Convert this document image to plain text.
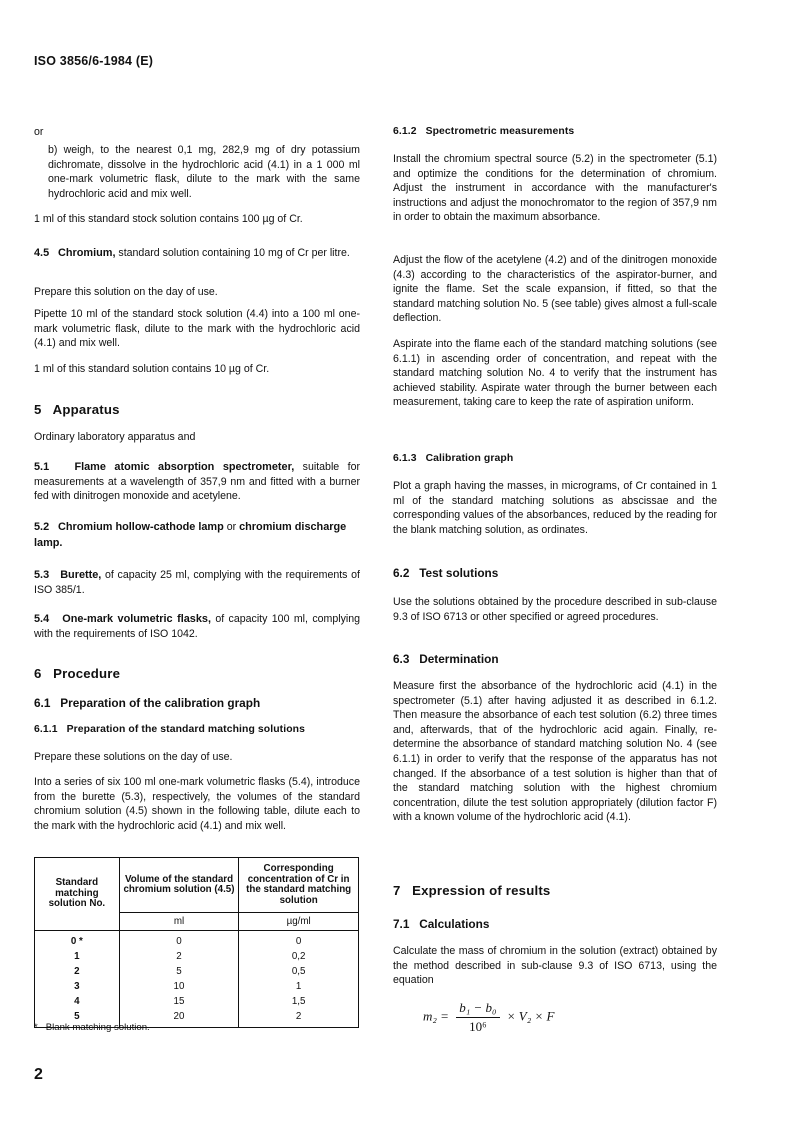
ISO 3856/6-1984 (E)

or

b) weigh, to the nearest 0,1 mg, 282,9 mg of dry potassium dichromate, dissolve in the hydrochloric acid (4.1) in a 1 000 ml one-mark volumetric flask, dilute to the mark with the same hydrochloric acid and mix well.

1 ml of this standard stock solution contains 100 µg of Cr.

4.5 Chromium, standard solution containing 10 mg of Cr per litre.

Prepare this solution on the day of use.

Pipette 10 ml of the standard stock solution (4.4) into a 100 ml one-mark volumetric flask, dilute to the mark with the hydrochloric acid (4.1) and mix well.

1 ml of this standard solution contains 10 µg of Cr.

5   Apparatus

Ordinary laboratory apparatus and

5.1 Flame atomic absorption spectrometer, suitable for measurements at a wavelength of 357,9 nm and fitted with a burner fed with dinitrogen monoxide and acetylene.

5.2 Chromium hollow-cathode lamp or chromium discharge lamp.

5.3 Burette, of capacity 25 ml, complying with the requirements of ISO 385/1.

5.4 One-mark volumetric flasks, of capacity 100 ml, complying with the requirements of ISO 1042.

6   Procedure
6.1   Preparation of the calibration graph
6.1.1   Preparation of the standard matching solutions

Prepare these solutions on the day of use.

Into a series of six 100 ml one-mark volumetric flasks (5.4), introduce from the burette (5.3), respectively, the volumes of the standard chromium solution (4.5) shown in the following table, dilute each to the mark with the hydrochloric acid (4.1) and mix well.

Standard matching solution No.	Volume of the standard chromium solution (4.5)	Corresponding concentration of Cr in the standard matching solution
	ml	µg/ml
0 *	0	0
1	2	0,2
2	5	0,5
3	10	1
4	15	1,5
5	20	2
*   Blank matching solution.
6.1.2   Spectrometric measurements

Install the chromium spectral source (5.2) in the spectrometer (5.1) and optimize the conditions for the determination of chromium. Adjust the instrument in accordance with the manufacturer's instructions and adjust the monochromator to the region of 357,9 nm in order to obtain the maximum absorbance.

Adjust the flow of the acetylene (4.2) and of the dinitrogen monoxide (4.3) according to the characteristics of the aspirator-burner, and ignite the flame. Set the scale expansion, if fitted, so that the standard matching solution No. 5 (see table) gives almost a full-scale deflection.

Aspirate into the flame each of the standard matching solutions (see 6.1.1) in ascending order of concentration, and repeat with the standard matching solution No. 4 to verify that the instrument has achieved stability. Aspirate water through the burner between each measurement, taking care to keep the rate of aspiration uniform.

6.1.3   Calibration graph

Plot a graph having the masses, in micrograms, of Cr contained in 1 ml of the standard matching solutions as abscissae and the corresponding values of the absorbances, reduced by the reading for the blank matching solution, as ordinates.

6.2   Test solutions

Use the solutions obtained by the procedure described in sub-clause 9.3 of ISO 6713 or other specified or agreed procedures.

6.3   Determination

Measure first the absorbance of the hydrochloric acid (4.1) in the spectrometer (5.1) after having adjusted it as described in 6.1.2. Then measure the absorbance of each test solution (6.2) three times and, afterwards, that of the hydrochloric acid again. Finally, re-determine the absorbance of standard matching solution No. 4 (see 6.1.1) in order to verify that the response of the apparatus has not changed. If the absorbance of a test solution is higher than that of the standard matching solution with the highest chromium concentration, dilute the test solution appropriately (dilution factor F) with a known volume of the hydrochloric acid (4.1).

7   Expression of results
7.1   Calculations

Calculate the mass of chromium in the solution (extract) obtained by the method described in sub-clause 9.3 of ISO 6713, using the equation

$m_2 = \frac{\text{b₁ − b₀}}{\text{10⁶}} \times V_2 \times F$
2
